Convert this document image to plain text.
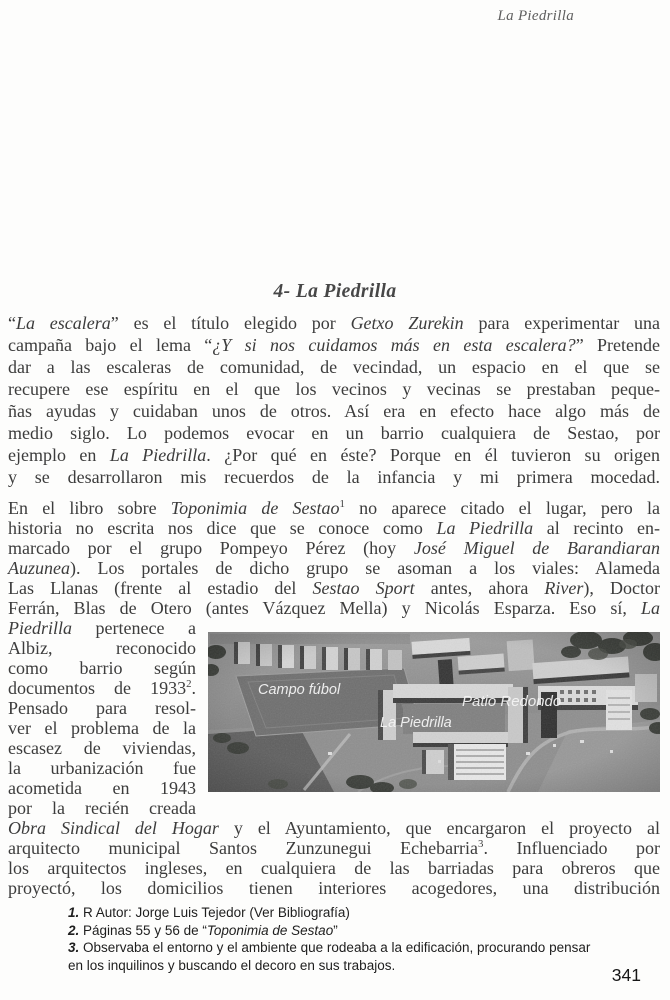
La Piedrilla
4- La Piedrilla
“La escalera” es el título elegido por Getxo Zurekin para experimentar una
campaña bajo el lema “¿Y si nos cuidamos más en esta escalera?” Pretende
dar a las escaleras de comunidad, de vecindad, un espacio en el que se
recupere ese espíritu en el que los vecinos y vecinas se prestaban peque-
ñas ayudas y cuidaban unos de otros. Así era en efecto hace algo más de
medio siglo. Lo podemos evocar en un barrio cualquiera de Sestao, por
ejemplo en La Piedrilla. ¿Por qué en éste? Porque en él tuvieron su origen
y se desarrollaron mis recuerdos de la infancia y mi primera mocedad.
En el libro sobre Toponimia de Sestao$^1$ no aparece citado el lugar, pero la
historia no escrita nos dice que se conoce como La Piedrilla al recinto en-
marcado por el grupo Pompeyo Pérez (hoy José Miguel de Barandiaran
Auzunea). Los portales de dicho grupo se asoman a los viales: Alameda
Las Llanas (frente al estadio del Sestao Sport antes, ahora River), Doctor
Ferrán, Blas de Otero (antes Vázquez Mella) y Nicolás Esparza. Eso sí, La
Piedrilla pertenece a
Albiz, reconocido
como barrio según
documentos de 1933$^2$.
Pensado para resol-
ver el problema de la
escasez de viviendas,
la urbanización fue
acometida en 1943
por la recién creada
Campo fúbol
La Piedrilla
Patio Redondo
Obra Sindical del Hogar y el Ayuntamiento, que encargaron el proyecto al
arquitecto municipal Santos Zunzunegui Echebarria$^3$. Influenciado por
los arquitectos ingleses, en cualquiera de las barriadas para obreros que
proyectó, los domicilios tienen interiores acogedores, una distribución
1. R Autor: Jorge Luis Tejedor (Ver Bibliografía)
2. Páginas 55 y 56 de “Toponimia de Sestao”
3. Observaba el entorno y el ambiente que rodeaba a la edificación, procurando pensar
en los inquilinos y buscando el decoro en sus trabajos.	341
